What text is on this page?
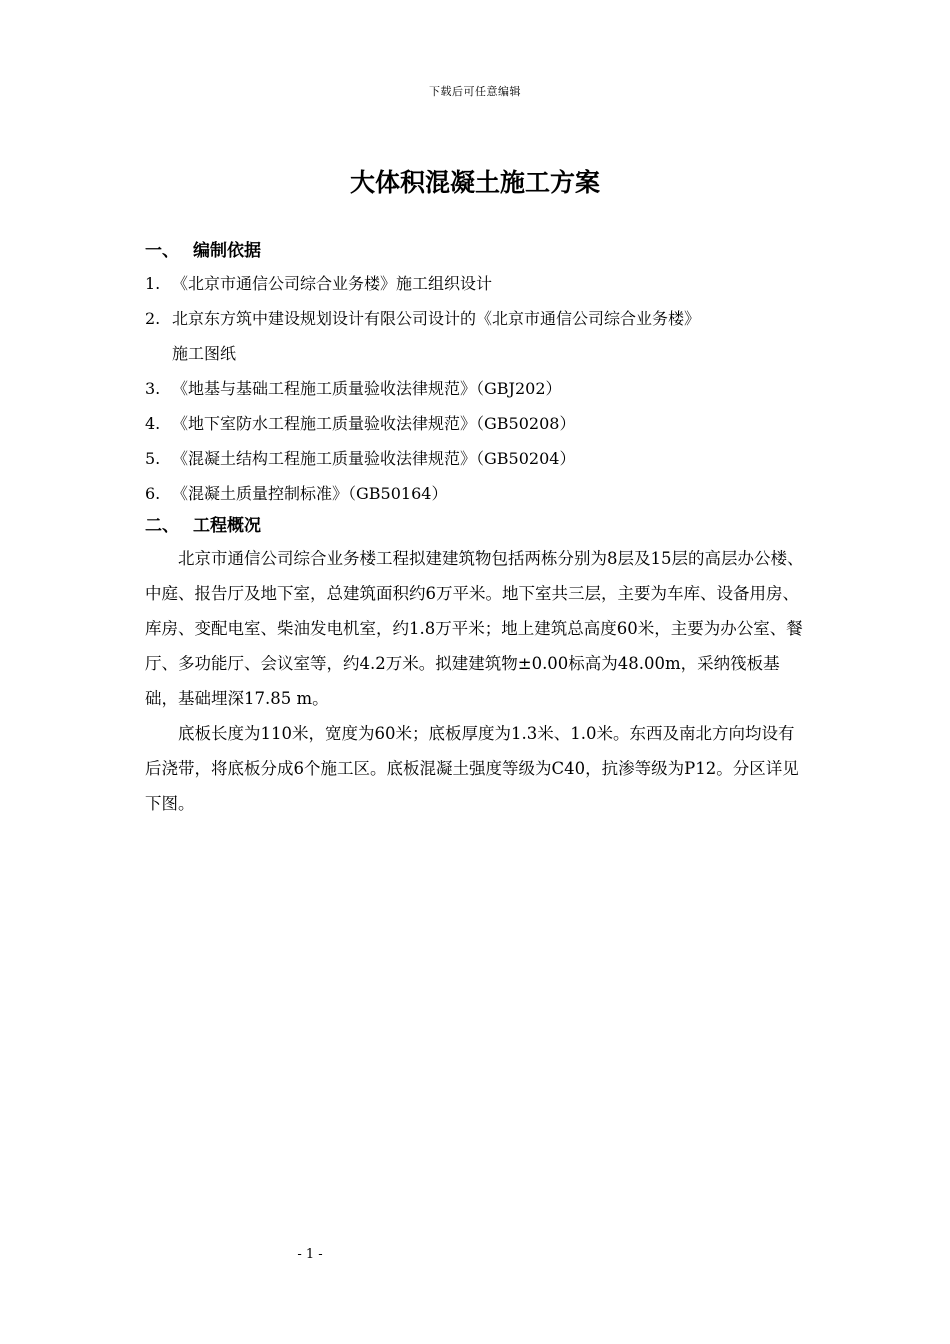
下载后可任意编辑
大体积混凝土施工方案
一、 编制依据
1. 《北京市通信公司综合业务楼》施工组织设计
2. 北京东方筑中建设规划设计有限公司设计的《北京市通信公司综合业务楼》
施工图纸
3. 《地基与基础工程施工质量验收法律规范》（GBJ202）
4. 《地下室防水工程施工质量验收法律规范》（GB50208）
5. 《混凝土结构工程施工质量验收法律规范》（GB50204）
6. 《混凝土质量控制标准》（GB50164）
二、 工程概况

北京市通信公司综合业务楼工程拟建建筑物包括两栋分别为8层及15层的高层办公楼、中庭、报告厅及地下室，总建筑面积约6万平米。地下室共三层，主要为车库、设备用房、库房、变配电室、柴油发电机室，约1.8万平米；地上建筑总高度60米，主要为办公室、餐厅、多功能厅、会议室等，约4.2万米。拟建建筑物±0.00标高为48.00m，采纳筏板基础，基础埋深17.85 m。

底板长度为110米，宽度为60米；底板厚度为1.3米、1.0米。东西及南北方向均设有后浇带，将底板分成6个施工区。底板混凝土强度等级为C40，抗渗等级为P12。分区详见下图。

- 1 -
